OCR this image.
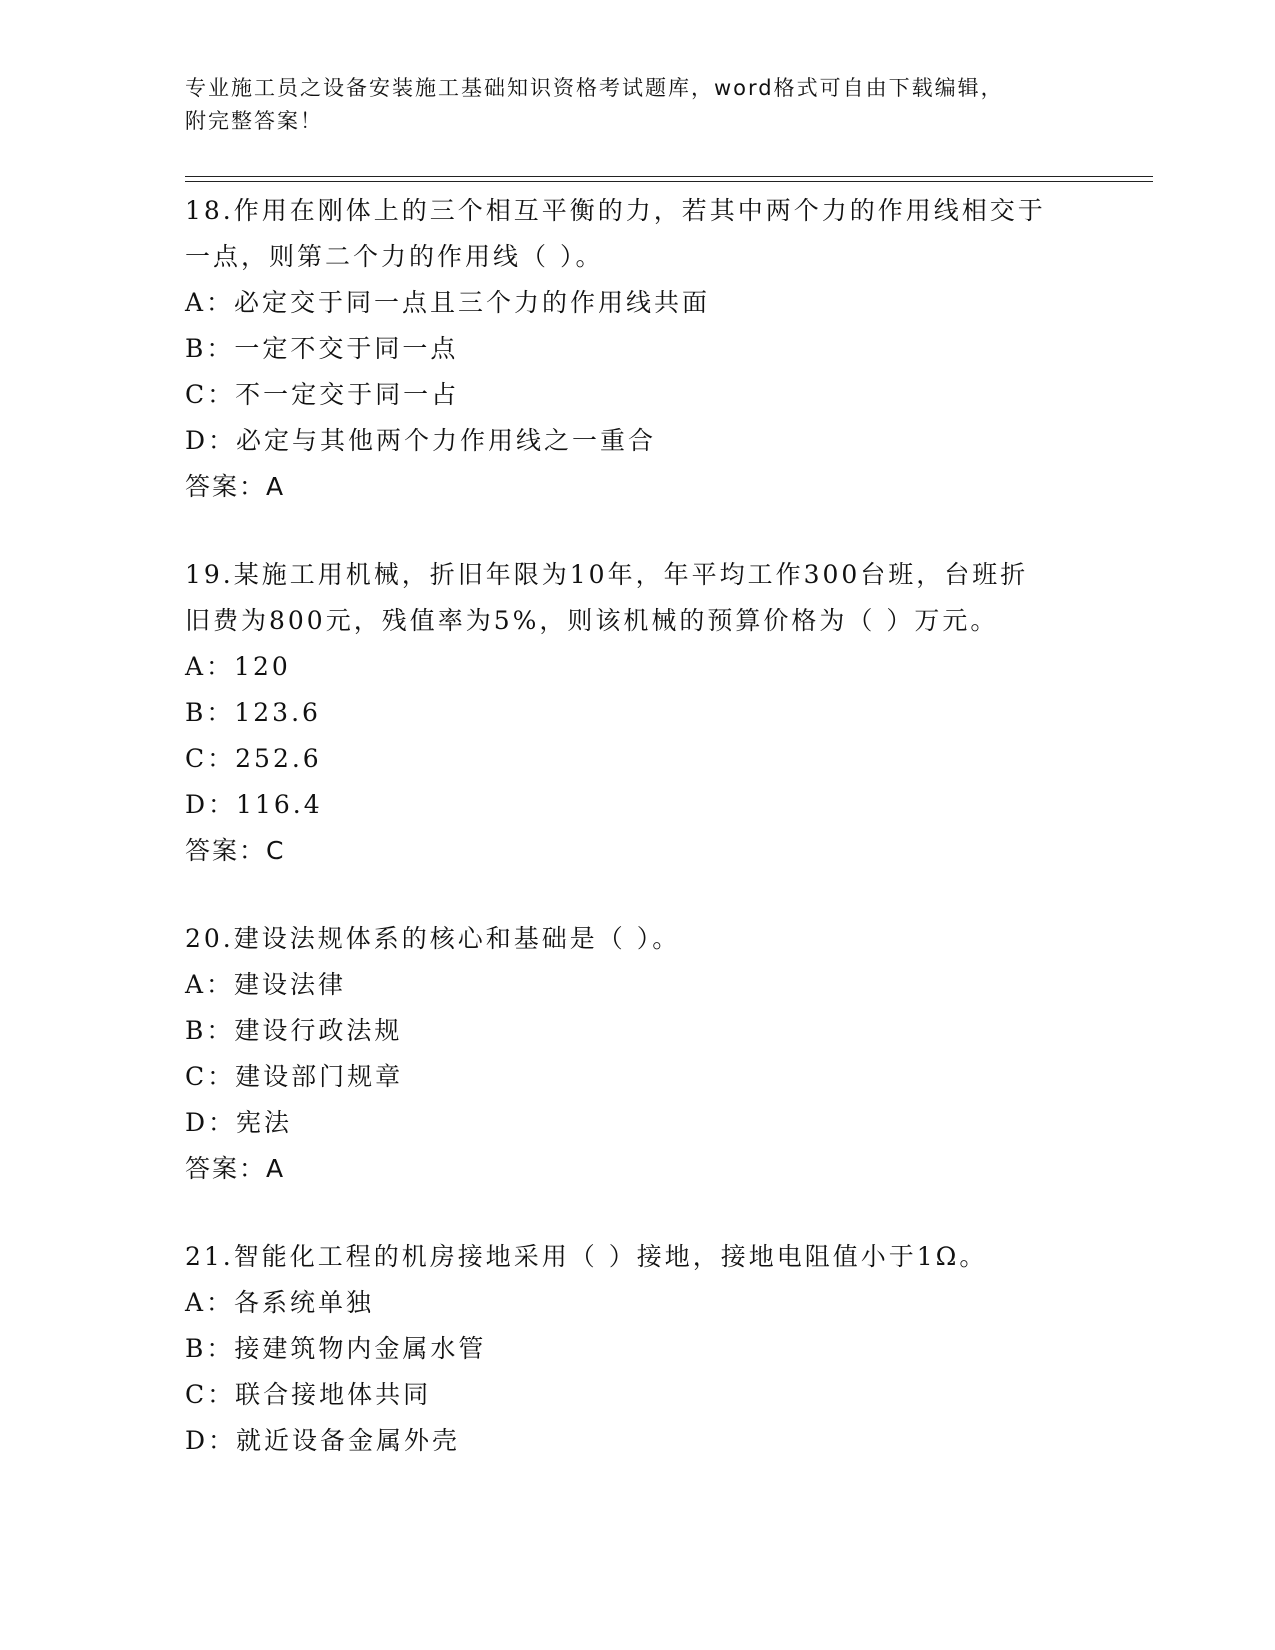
专业施工员之设备安装施工基础知识资格考试题库，word格式可自由下载编辑，
附完整答案！

18.作用在刚体上的三个相互平衡的力，若其中两个力的作用线相交于

一点，则第二个力的作用线（ ）。

A：必定交于同一点且三个力的作用线共面

B：一定不交于同一点

C：不一定交于同一占

D：必定与其他两个力作用线之一重合

答案：A

19.某施工用机械，折旧年限为10年，年平均工作300台班，台班折

旧费为800元，残值率为5%，则该机械的预算价格为（ ）万元。

A：120

B：123.6

C：252.6

D：116.4

答案：C

20.建设法规体系的核心和基础是（ ）。

A：建设法律

B：建设行政法规

C：建设部门规章

D：宪法

答案：A

21.智能化工程的机房接地采用（ ）接地，接地电阻值小于1Ω。

A：各系统单独

B：接建筑物内金属水管

C：联合接地体共同

D：就近设备金属外壳
